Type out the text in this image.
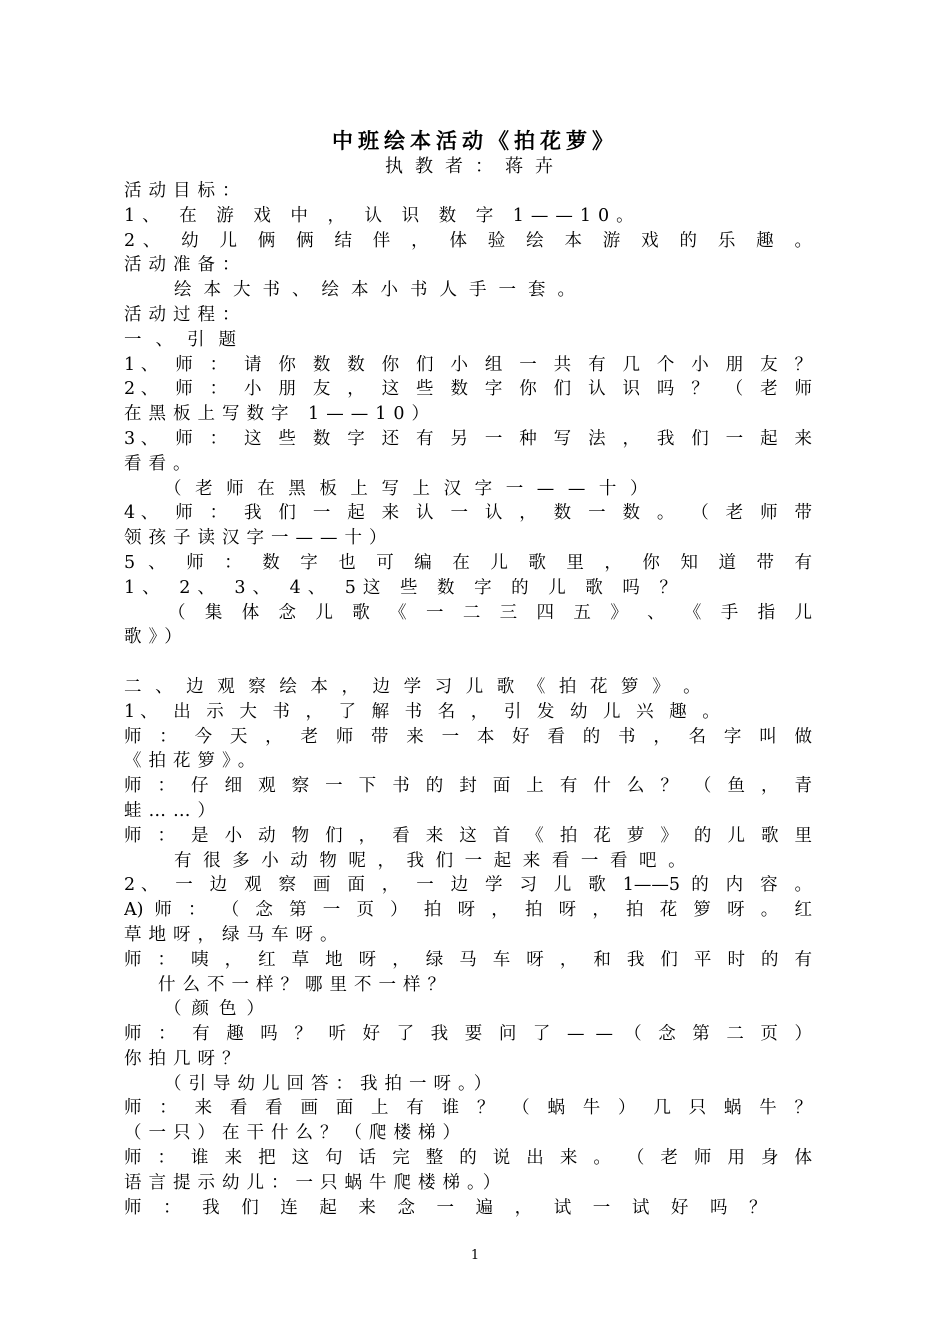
中班绘本活动《拍花萝》
执教者：蒋卉
活动目标：
1、 在 游 戏 中 ， 认 识 数 字 1——10。
2、 幼 儿 俩 俩 结 伴 ， 体 验 绘 本 游 戏 的 乐 趣 。
活动准备：
绘本大书、绘本小书人手一套。
活动过程：
一、引题
1、 师 ： 请 你 数 数 你 们 小 组 一 共 有 几 个 小 朋 友 ？
2、 师 ： 小 朋 友 ， 这 些 数 字 你 们 认 识 吗 ？ （ 老 师
在黑板上写数字 1——10）
3、 师 ： 这 些 数 字 还 有 另 一 种 写 法 ， 我 们 一 起 来
看看。
（ 老 师 在 黑 板 上 写 上 汉 字 一 — — 十 ）
4、 师 ： 我 们 一 起 来 认 一 认 ， 数 一 数 。 （ 老 师 带
领孩子读汉字一——十）
5 、 师 ： 数 字 也 可 编 在 儿 歌 里 ， 你 知 道 带 有
1、 2、 3、 4、 5这 些 数 字 的 儿 歌 吗 ？
（ 集 体 念 儿 歌 《 一 二 三 四 五 》 、 《 手 指 儿
歌》）
二 、 边 观 察 绘 本 ， 边 学 习 儿 歌 《 拍 花 箩 》 。
1、 出 示 大 书 ， 了 解 书 名 ， 引 发 幼 儿 兴 趣 。
师 ： 今 天 ， 老 师 带 来 一 本 好 看 的 书 ， 名 字 叫 做
《拍花箩》。
师 ： 仔 细 观 察 一 下 书 的 封 面 上 有 什 么 ？ （ 鱼 ， 青
蛙……）
师 ： 是 小 动 物 们 ， 看 来 这 首 《 拍 花 萝 》 的 儿 歌 里
有 很 多 小 动 物 呢 ， 我 们 一 起 来 看 一 看 吧 。
2、 一 边 观 察 画 面 ， 一 边 学 习 儿 歌 1——5 的 内 容 。
A) 师 ： （ 念 第 一 页 ） 拍 呀 ， 拍 呀 ， 拍 花 箩 呀 。 红
草地呀，绿马车呀。
师 ： 咦 ， 红 草 地 呀 ， 绿 马 车 呀 ， 和 我 们 平 时 的 有
什么不一样？哪里不一样？
（颜色）
师 ： 有 趣 吗 ？ 听 好 了 我 要 问 了 — — （ 念 第 二 页 ）
你拍几呀？
（引导幼儿回答：我拍一呀。）
师 ： 来 看 看 画 面 上 有 谁 ？ （ 蜗 牛 ） 几 只 蜗 牛 ？
（一只）在干什么？（爬楼梯）
师 ： 谁 来 把 这 句 话 完 整 的 说 出 来 。 （ 老 师 用 身 体
语言提示幼儿：一只蜗牛爬楼梯。）
师 ： 我 们 连 起 来 念 一 遍 ， 试 一 试 好 吗 ？
1
